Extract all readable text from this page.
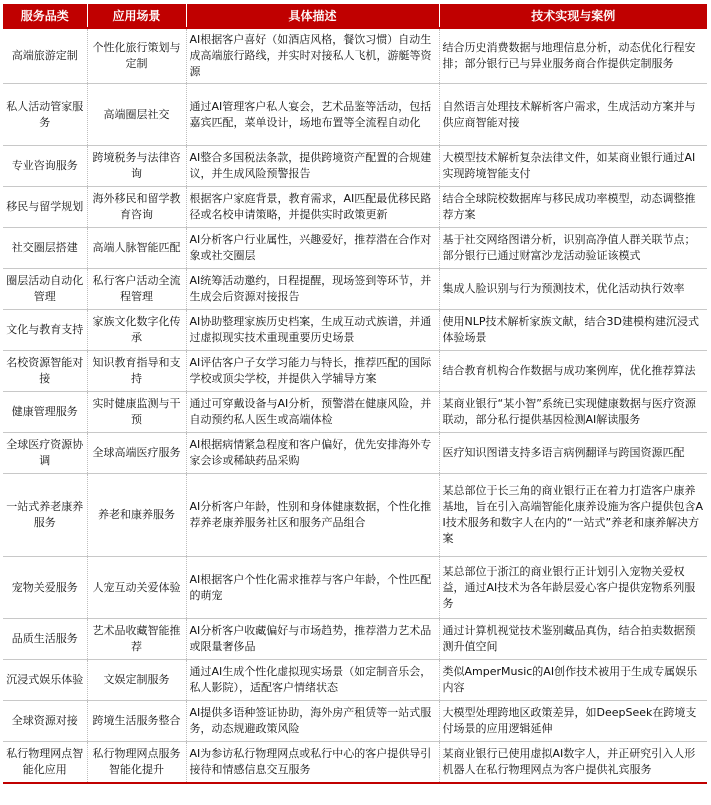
服务品类	应用场景	具体描述	技术实现与案例
高端旅游定制	个性化旅行策划与定制	AI根据客户喜好（如酒店风格，餐饮习惯）自动生成高端旅行路线，并实时对接私人飞机，游艇等资源	结合历史消费数据与地理信息分析，动态优化行程安排；部分银行已与异业服务商合作提供定制服务
私人活动管家服务	高端圈层社交	通过AI管理客户私人宴会，艺术品鉴等活动，包括嘉宾匹配，菜单设计，场地布置等全流程自动化	自然语言处理技术解析客户需求，生成活动方案并与供应商智能对接
专业咨询服务	跨境税务与法律咨询	AI整合多国税法条款，提供跨境资产配置的合规建议，并生成风险预警报告	大模型技术解析复杂法律文件，如某商业银行通过AI实现跨境智能支付
移民与留学规划	海外移民和留学教育咨询	根据客户家庭背景，教育需求，AI匹配最优移民路径或名校申请策略，并提供实时政策更新	结合全球院校数据库与移民成功率模型，动态调整推荐方案
社交圈层搭建	高端人脉智能匹配	AI分析客户行业属性，兴趣爱好，推荐潜在合作对象或社交圈层	基于社交网络图谱分析，识别高净值人群关联节点；部分银行已通过财富沙龙活动验证该模式
圈层活动自动化管理	私行客户活动全流程管理	AI统筹活动邀约，日程提醒，现场签到等环节，并生成会后资源对接报告	集成人脸识别与行为预测技术，优化活动执行效率
文化与教育支持	家族文化数字化传承	AI协助整理家族历史档案，生成互动式族谱，并通过虚拟现实技术重现重要历史场景	使用NLP技术解析家族文献，结合3D建模构建沉浸式体验场景
名校资源智能对接	知识教育指导和支持	AI评估客户子女学习能力与特长，推荐匹配的国际学校或顶尖学校，并提供入学辅导方案	结合教育机构合作数据与成功案例库，优化推荐算法
健康管理服务	实时健康监测与干预	通过可穿戴设备与AI分析，预警潜在健康风险，并自动预约私人医生或高端体检	某商业银行“某小智”系统已实现健康数据与医疗资源联动，部分私行提供基因检测AI解读服务
全球医疗资源协调	全球高端医疗服务	AI根据病情紧急程度和客户偏好，优先安排海外专家会诊或稀缺药品采购	医疗知识图谱支持多语言病例翻译与跨国资源匹配
一站式养老康养服务	养老和康养服务	AI分析客户年龄，性别和身体健康数据，个性化推荐养老康养服务社区和服务产品组合	某总部位于长三角的商业银行正在着力打造客户康养基地，旨在引入高端智能化康养设施为客户提供包含AI技术服务和数字人在内的“一站式”养老和康养解决方案
宠物关爱服务	人宠互动关爱体验	AI根据客户个性化需求推荐与客户年龄，个性匹配的萌宠	某总部位于浙江的商业银行正计划引入宠物关爱权益，通过AI技术为各年龄层爱心客户提供宠物系列服务
品质生活服务	艺术品收藏智能推荐	AI分析客户收藏偏好与市场趋势，推荐潜力艺术品或限量奢侈品	通过计算机视觉技术鉴别藏品真伪，结合拍卖数据预测升值空间
沉浸式娱乐体验	文娱定制服务	通过AI生成个性化虚拟现实场景（如定制音乐会，私人影院），适配客户情绪状态	类似AmperMusic的AI创作技术被用于生成专属娱乐内容
全球资源对接	跨境生活服务整合	AI提供多语种签证协助，海外房产租赁等一站式服务，动态规避政策风险	大模型处理跨地区政策差异，如DeepSeek在跨境支付场景的应用逻辑延伸
私行物理网点智能化应用	私行物理网点服务智能化提升	AI为参访私行物理网点或私行中心的客户提供导引接待和情感信息交互服务	某商业银行已使用虚拟AI数字人，并正研究引入人形机器人在私行物理网点为客户提供礼宾服务
